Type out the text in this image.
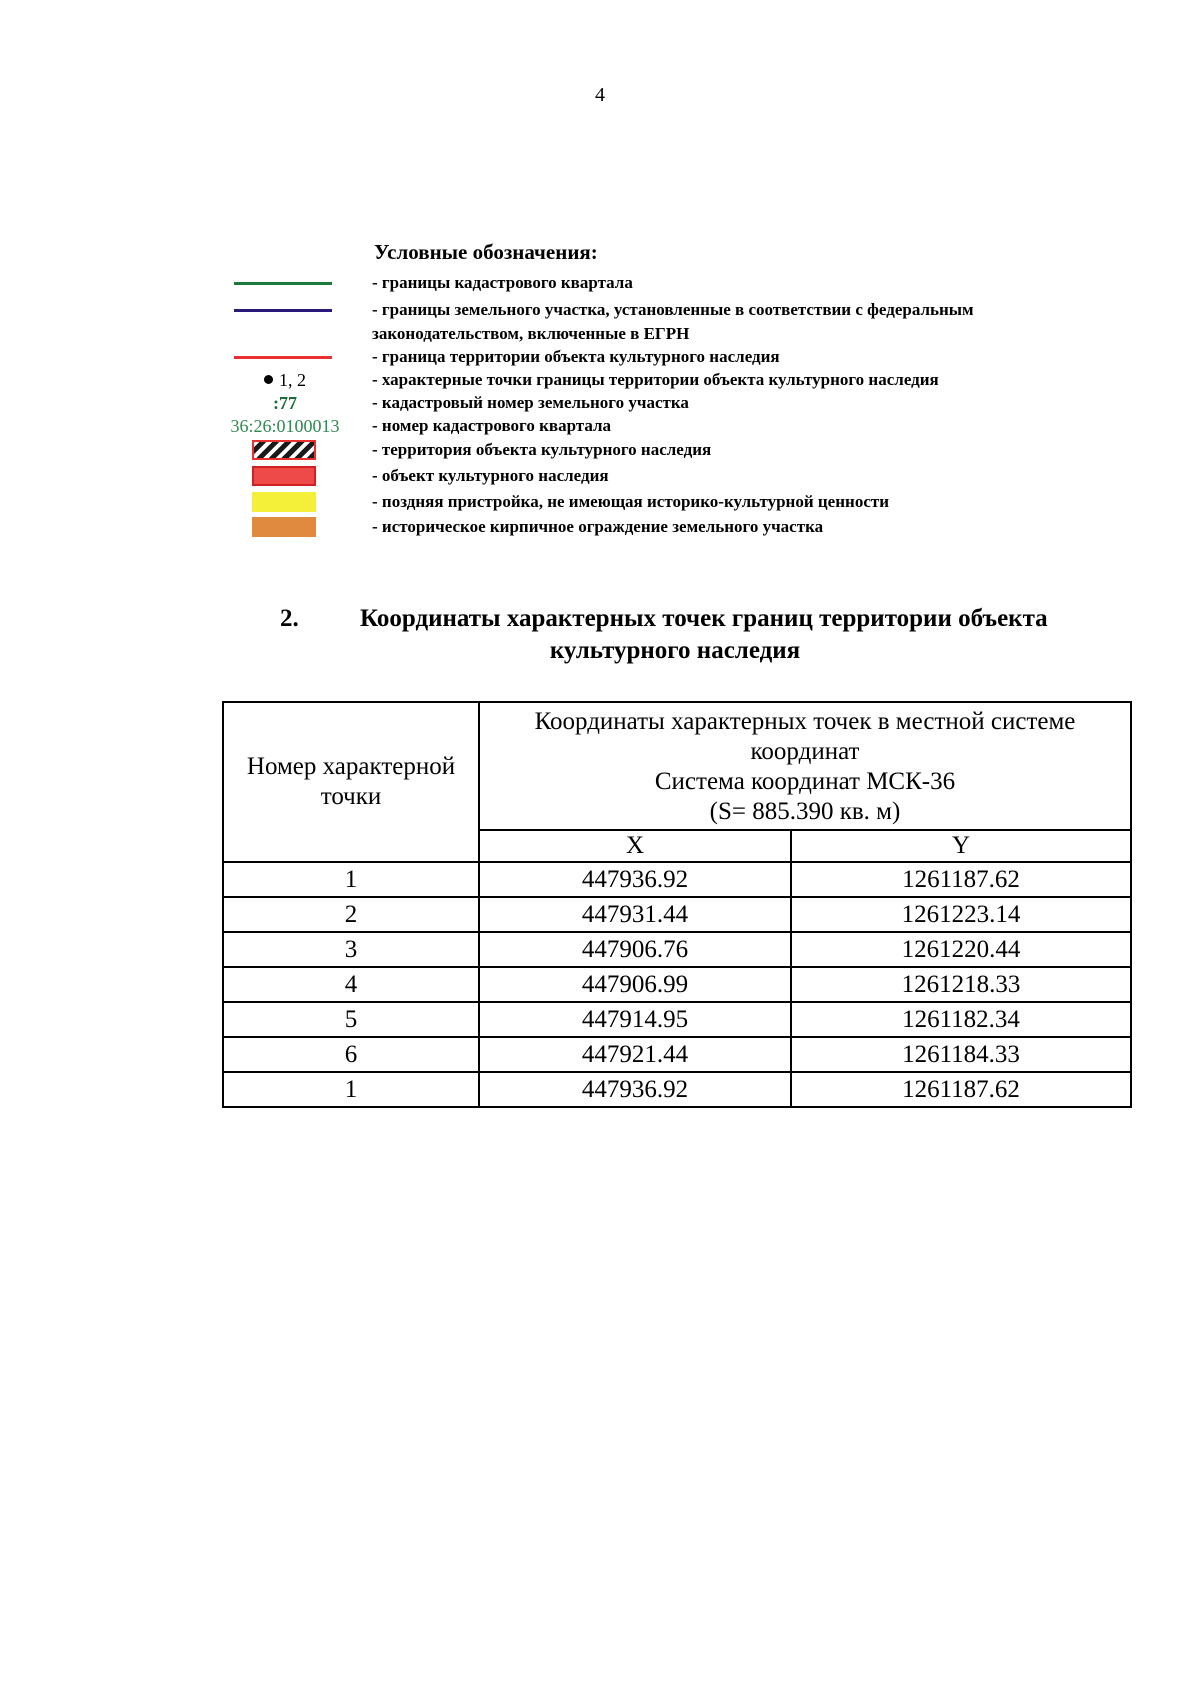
4
Условные обозначения:
- границы кадастрового квартала
- границы земельного участка, установленные в соответствии с федеральным
законодательством, включенные в ЕГРН
- граница территории объекта культурного наследия
1, 2	- характерные точки границы территории объекта культурного наследия
:77	- кадастровый номер земельного участка
36:26:0100013	- номер кадастрового квартала
- территория объекта культурного наследия
- объект культурного наследия
- поздняя пристройка, не имеющая историко-культурной ценности
- историческое кирпичное ограждение земельного участка
2. Координаты характерных точек границ территории объекта
культурного наследия
Номер характерной точки	Координаты характерных точек в местной системе
координат
Система координат МСК-36
(S= 885.390 кв. м)	

	X	Y
1	447936.92	1261187.62
2	447931.44	1261223.14
3	447906.76	1261220.44
4	447906.99	1261218.33
5	447914.95	1261182.34
6	447921.44	1261184.33
1	447936.92	1261187.62
